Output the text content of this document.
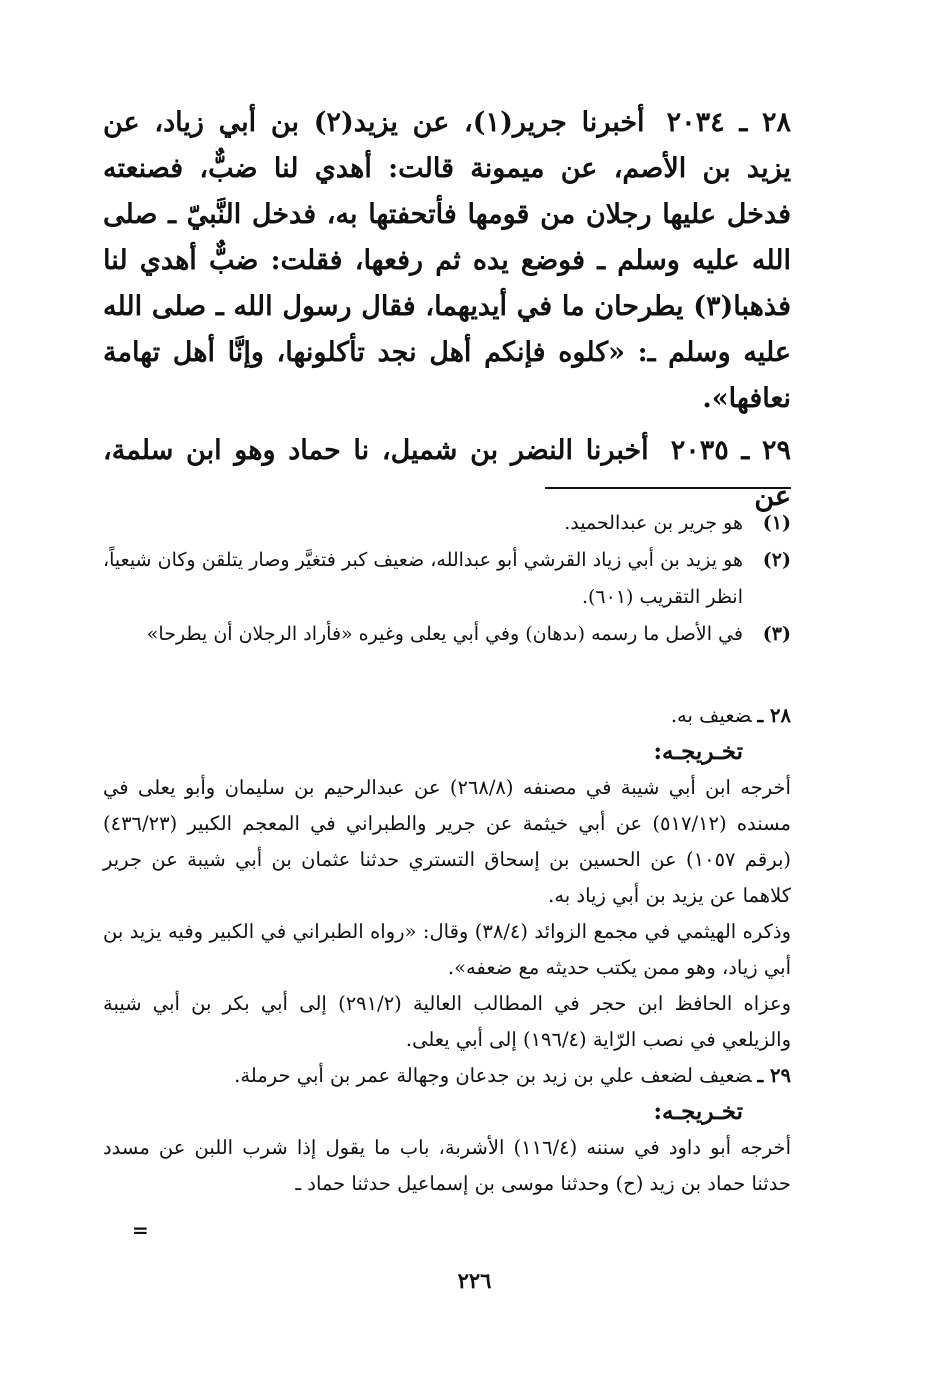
٢٨ ـ ٢٠٣٤أخبرنا جرير(١)، عن يزيد(٢) بن أبي زياد، عن يزيد بن الأصم، عن ميمونة قالت: أهدي لنا ضبٌّ، فصنعته فدخل عليها رجلان من قومها فأتحفتها به، فدخل النَّبيّ ـ صلى الله عليه وسلم ـ فوضع يده ثم رفعها، فقلت: ضبٌّ أهدي لنا فذهبا(٣) يطرحان ما في أيديهما، فقال رسول الله ـ صلى الله عليه وسلم ـ: «كلوه فإنكم أهل نجد تأكلونها، وإنَّا أهل تهامة نعافها».

٢٩ ـ ٢٠٣٥أخبرنا النضر بن شميل، نا حماد وهو ابن سلمة، عن

(١)
هو جرير بن عبدالحميد.
(٢)
هو يزيد بن أبي زياد القرشي أبو عبدالله، ضعيف كبر فتغيَّر وصار يتلقن وكان شيعياً، انظر التقريب (٦٠١).
(٣)
في الأصل ما رسمه (ىدهان) وفي أبي يعلى وغيره «فأراد الرجلان أن يطرحا»

٢٨ ـضعيف به.

تخـريجـه:

أخرجه ابن أبي شيبة في مصنفه (٢٦٨/٨) عن عبدالرحيم بن سليمان وأبو يعلى في مسنده (٥١٧/١٢) عن أبي خيثمة عن جرير والطبراني في المعجم الكبير (٤٣٦/٢٣) (برقم ١٠٥٧) عن الحسين بن إسحاق التستري حدثنا عثمان بن أبي شيبة عن جرير كلاهما عن يزيد بن أبي زياد به.

وذكره الهيثمي في مجمع الزوائد (٣٨/٤) وقال: «رواه الطبراني في الكبير وفيه يزيد بن أبي زياد، وهو ممن يكتب حديثه مع ضعفه».

وعزاه الحافظ ابن حجر في المطالب العالية (٢٩١/٢) إلى أبي بكر بن أبي شيبة والزيلعي في نصب الرّاية (١٩٦/٤) إلى أبي يعلى.

٢٩ ـضعيف لضعف علي بن زيد بن جدعان وجهالة عمر بن أبي حرملة.

تخـريجـه:

أخرجه أبو داود في سننه (١١٦/٤) الأشربة، باب ما يقول إذا شرب اللبن عن مسدد حدثنا حماد بن زيد (ح) وحدثنا موسى بن إسماعيل حدثنا حماد ـ

=
٢٢٦
